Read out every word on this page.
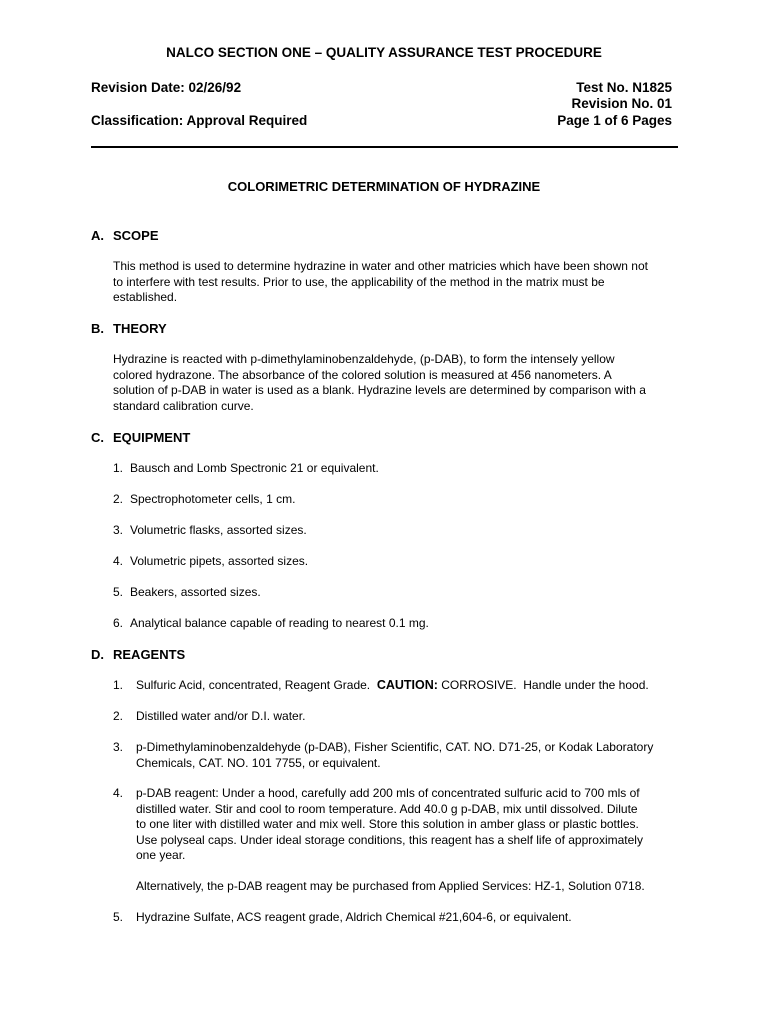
NALCO SECTION ONE – QUALITY ASSURANCE TEST PROCEDURE
Revision Date: 02/26/92	Test No. N1825
Revision No. 01
Classification: Approval Required	Page 1 of 6 Pages
COLORIMETRIC DETERMINATION OF HYDRAZINE
A. SCOPE
This method is used to determine hydrazine in water and other matricies which have been shown not
to interfere with test results. Prior to use, the applicability of the method in the matrix must be
established.
B. THEORY
Hydrazine is reacted with p-dimethylaminobenzaldehyde, (p-DAB), to form the intensely yellow
colored hydrazone. The absorbance of the colored solution is measured at 456 nanometers. A
solution of p-DAB in water is used as a blank. Hydrazine levels are determined by comparison with a
standard calibration curve.
C. EQUIPMENT
1. Bausch and Lomb Spectronic 21 or equivalent.
2. Spectrophotometer cells, 1 cm.
3. Volumetric flasks, assorted sizes.
4. Volumetric pipets, assorted sizes.
5. Beakers, assorted sizes.
6. Analytical balance capable of reading to nearest 0.1 mg.
D. REAGENTS
1. Sulfuric Acid, concentrated, Reagent Grade.  CAUTION: CORROSIVE.  Handle under the hood.
2. Distilled water and/or D.I. water.
3. p-Dimethylaminobenzaldehyde (p-DAB), Fisher Scientific, CAT. NO. D71-25, or Kodak Laboratory
Chemicals, CAT. NO. 101 7755, or equivalent.
4. p-DAB reagent: Under a hood, carefully add 200 mls of concentrated sulfuric acid to 700 mls of
distilled water. Stir and cool to room temperature. Add 40.0 g p-DAB, mix until dissolved. Dilute
to one liter with distilled water and mix well. Store this solution in amber glass or plastic bottles.
Use polyseal caps. Under ideal storage conditions, this reagent has a shelf life of approximately
one year.
Alternatively, the p-DAB reagent may be purchased from Applied Services: HZ-1, Solution 0718.
5. Hydrazine Sulfate, ACS reagent grade, Aldrich Chemical #21,604-6, or equivalent.
